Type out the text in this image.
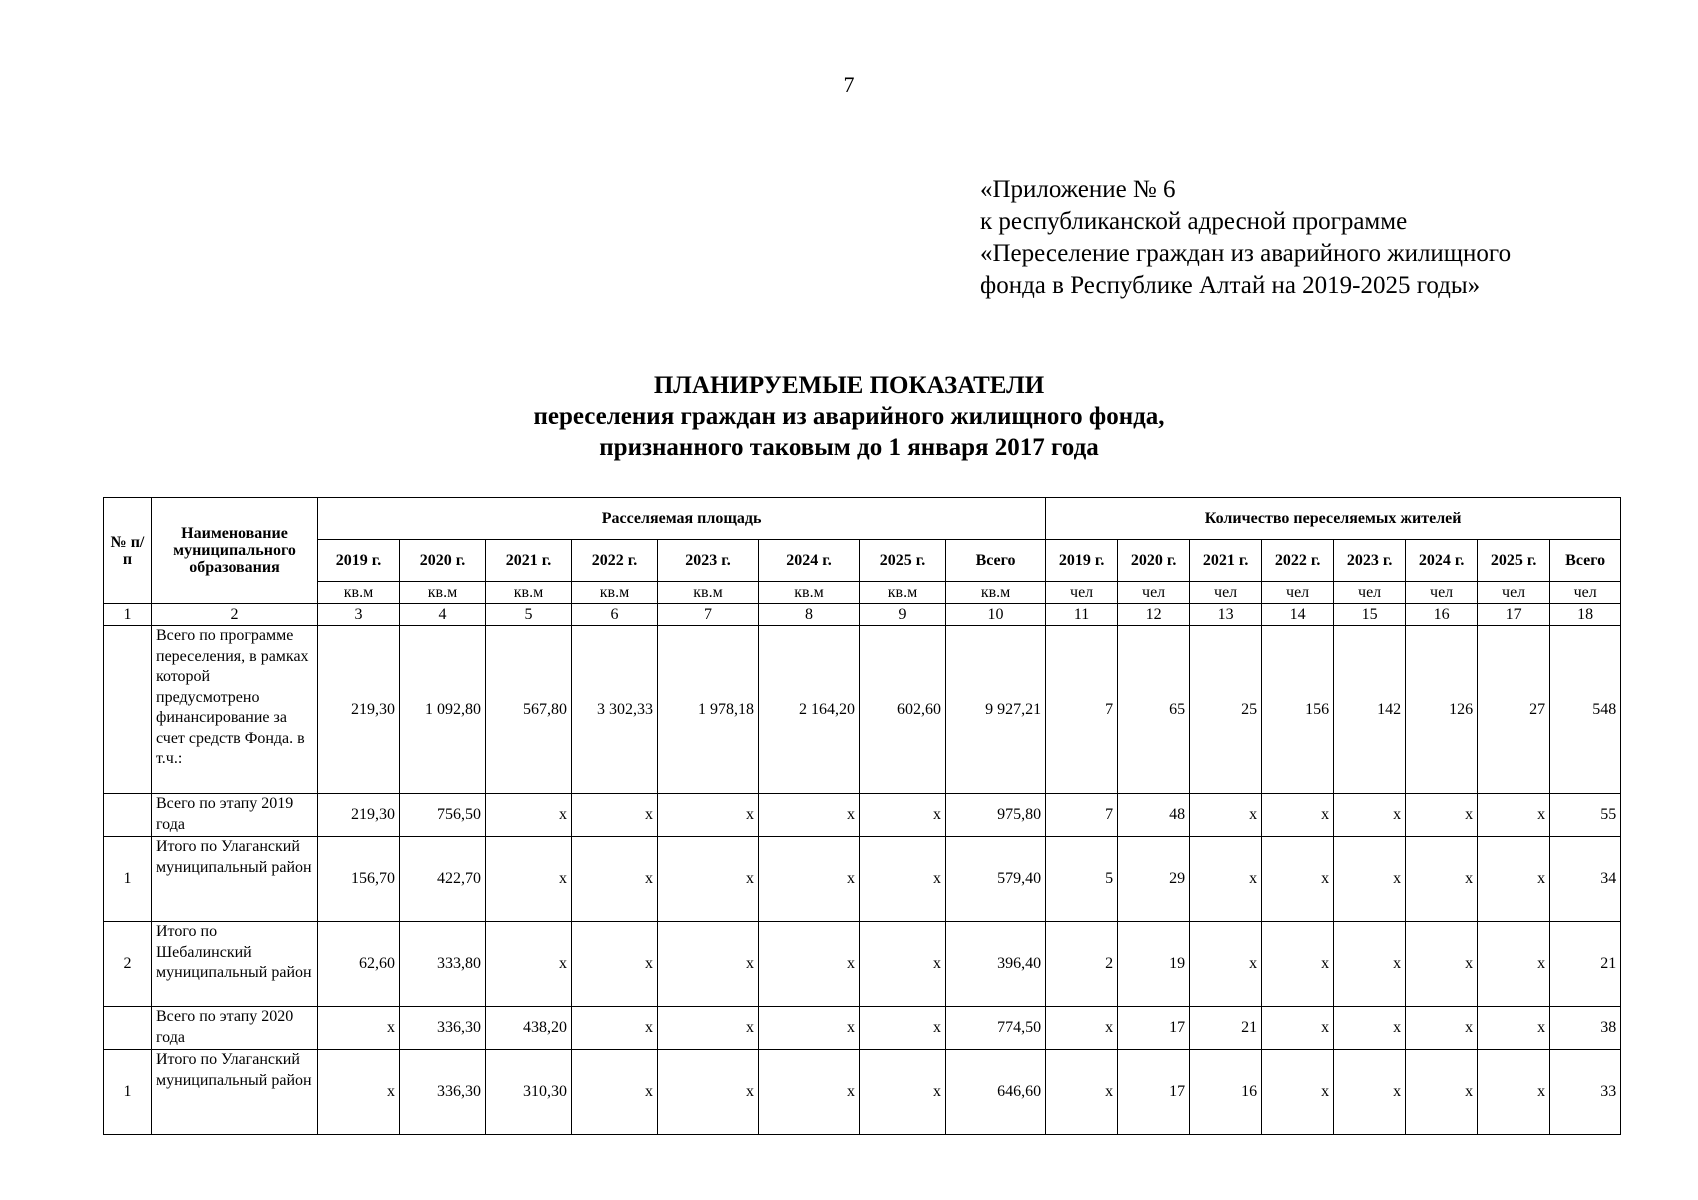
7
«Приложение № 6
к республиканской адресной программе
«Переселение граждан из аварийного жилищного
фонда в Республике Алтай на 2019-2025 годы»
ПЛАНИРУЕМЫЕ ПОКАЗАТЕЛИ
переселения граждан из аварийного жилищного фонда,
признанного таковым до 1 января 2017 года
№ п/п	Наименование муниципального образования	Расселяемая площадь								Количество переселяемых жителей							
		2019 г.	2020 г.	2021 г.	2022 г.	2023 г.	2024 г.	2025 г.	Всего	2019 г.	2020 г.	2021 г.	2022 г.	2023 г.	2024 г.	2025 г.	Всего
		кв.м	кв.м	кв.м	кв.м	кв.м	кв.м	кв.м	кв.м	чел	чел	чел	чел	чел	чел	чел	чел
1	2	3	4	5	6	7	8	9	10	11	12	13	14	15	16	17	18
	Всего по программе переселения, в рамках которой предусмотрено финансирование за счет средств Фонда. в т.ч.:	219,30	1 092,80	567,80	3 302,33	1 978,18	2 164,20	602,60	9 927,21	7	65	25	156	142	126	27	548
	Всего по этапу 2019 года	219,30	756,50	x	x	x	x	x	975,80	7	48	x	x	x	x	x	55
1	Итого по Улаганский муниципальный район	156,70	422,70	x	x	x	x	x	579,40	5	29	x	x	x	x	x	34
2	Итого по Шебалинский муниципальный район	62,60	333,80	x	x	x	x	x	396,40	2	19	x	x	x	x	x	21
	Всего по этапу 2020 года	x	336,30	438,20	x	x	x	x	774,50	x	17	21	x	x	x	x	38
1	Итого по Улаганский муниципальный район	x	336,30	310,30	x	x	x	x	646,60	x	17	16	x	x	x	x	33
